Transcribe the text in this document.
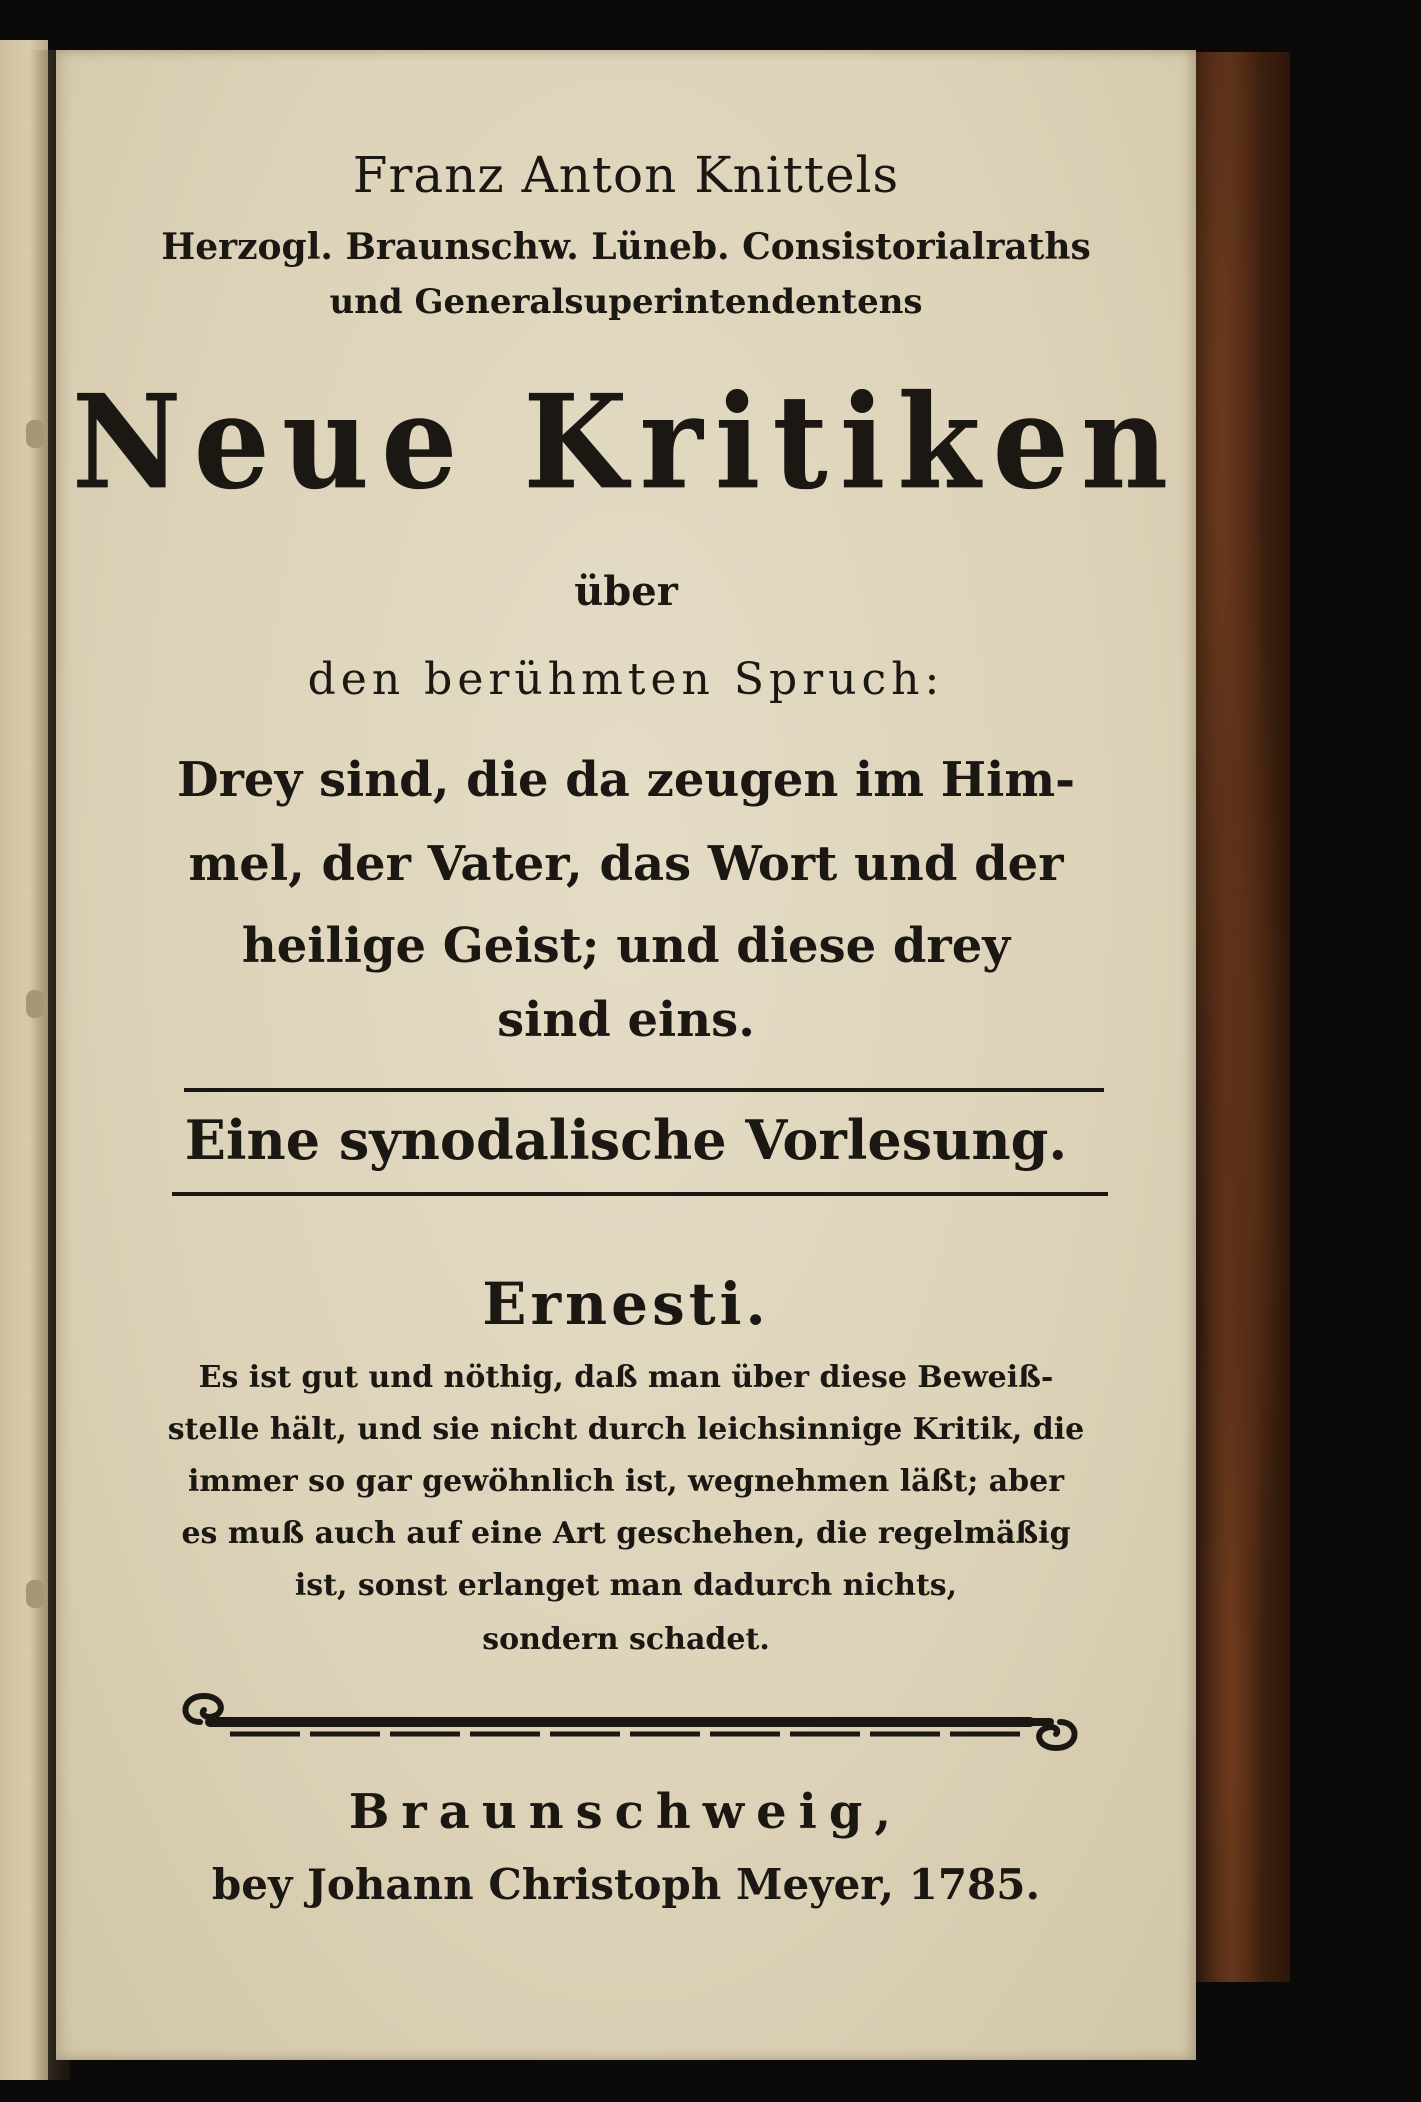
Franz Anton Knittels
Herzogl. Braunschw. Lüneb. Consistorialraths
und Generalsuperintendentens
Neue Kritiken
über
den berühmten Spruch:
Drey sind, die da zeugen im Him-
mel, der Vater, das Wort und der
heilige Geist; und diese drey
sind eins.
Eine synodalische Vorlesung.
Ernesti.
Es ist gut und nöthig, daß man über diese Beweiß-
stelle hält, und sie nicht durch leichsinnige Kritik, die
immer so gar gewöhnlich ist, wegnehmen läßt; aber
es muß auch auf eine Art geschehen, die regelmäßig
ist, sonst erlanget man dadurch nichts,
sondern schadet.
Braunschweig,
bey Johann Christoph Meyer, 1785.
